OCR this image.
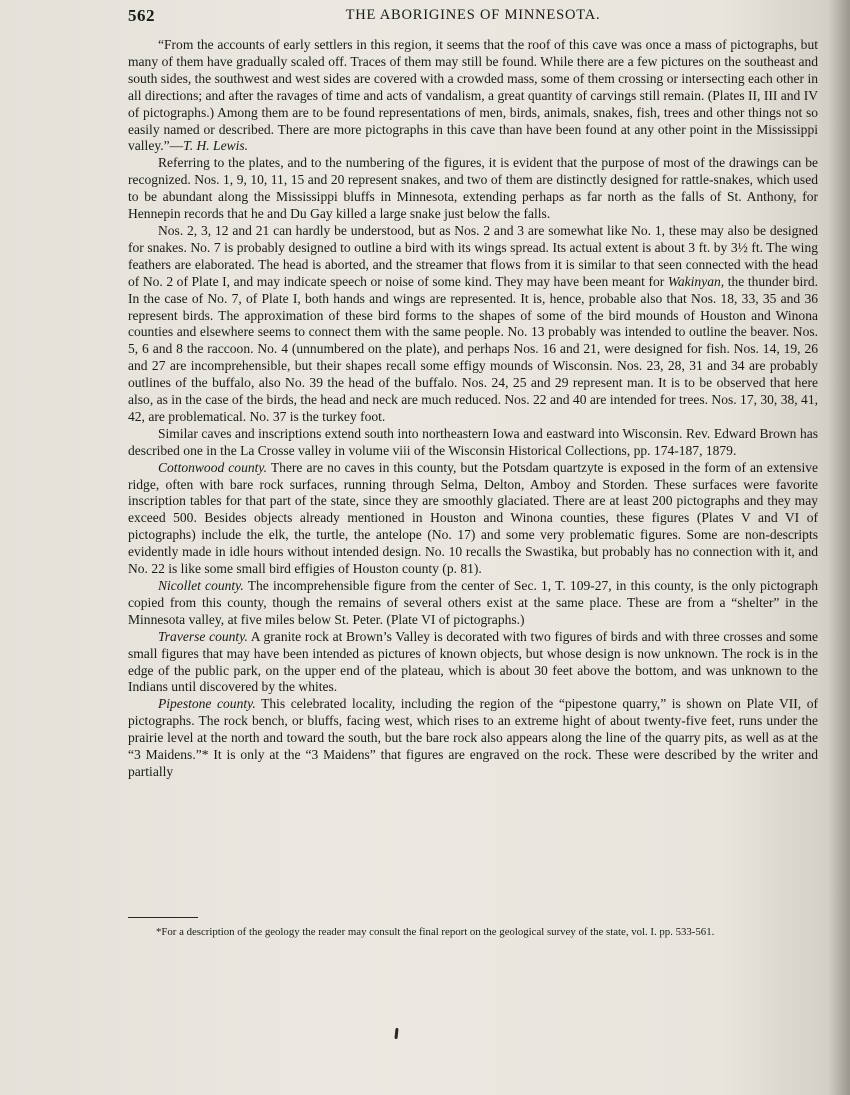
562	THE ABORIGINES OF MINNESOTA.

“From the accounts of early settlers in this region, it seems that the roof of this cave was once a mass of pictographs, but many of them have gradually scaled off. Traces of them may still be found. While there are a few pictures on the southeast and south sides, the southwest and west sides are covered with a crowded mass, some of them crossing or intersecting each other in all directions; and after the ravages of time and acts of vandalism, a great quantity of carvings still remain. (Plates II, III and IV of pictographs.) Among them are to be found representations of men, birds, animals, snakes, fish, trees and other things not so easily named or described. There are more pictographs in this cave than have been found at any other point in the Mississippi valley.”—T. H. Lewis.

Referring to the plates, and to the numbering of the figures, it is evident that the purpose of most of the drawings can be recognized. Nos. 1, 9, 10, 11, 15 and 20 represent snakes, and two of them are distinctly designed for rattle-snakes, which used to be abundant along the Mississippi bluffs in Minnesota, extending perhaps as far north as the falls of St. Anthony, for Hennepin records that he and Du Gay killed a large snake just below the falls.

Nos. 2, 3, 12 and 21 can hardly be understood, but as Nos. 2 and 3 are somewhat like No. 1, these may also be designed for snakes. No. 7 is probably designed to outline a bird with its wings spread. Its actual extent is about 3 ft. by 3½ ft. The wing feathers are elaborated. The head is aborted, and the streamer that flows from it is similar to that seen connected with the head of No. 2 of Plate I, and may indicate speech or noise of some kind. They may have been meant for Wakinyan, the thunder bird. In the case of No. 7, of Plate I, both hands and wings are represented. It is, hence, probable also that Nos. 18, 33, 35 and 36 represent birds. The approximation of these bird forms to the shapes of some of the bird mounds of Houston and Winona counties and elsewhere seems to connect them with the same people. No. 13 probably was intended to outline the beaver. Nos. 5, 6 and 8 the raccoon. No. 4 (unnumbered on the plate), and perhaps Nos. 16 and 21, were designed for fish. Nos. 14, 19, 26 and 27 are incomprehensible, but their shapes recall some effigy mounds of Wisconsin. Nos. 23, 28, 31 and 34 are probably outlines of the buffalo, also No. 39 the head of the buffalo. Nos. 24, 25 and 29 represent man. It is to be observed that here also, as in the case of the birds, the head and neck are much reduced. Nos. 22 and 40 are intended for trees. Nos. 17, 30, 38, 41, 42, are problematical. No. 37 is the turkey foot.

Similar caves and inscriptions extend south into northeastern Iowa and eastward into Wisconsin. Rev. Edward Brown has described one in the La Crosse valley in volume viii of the Wisconsin Historical Collections, pp. 174-187, 1879.

Cottonwood county. There are no caves in this county, but the Potsdam quartzyte is exposed in the form of an extensive ridge, often with bare rock surfaces, running through Selma, Delton, Amboy and Storden. These surfaces were favorite inscription tables for that part of the state, since they are smoothly glaciated. There are at least 200 pictographs and they may exceed 500. Besides objects already mentioned in Houston and Winona counties, these figures (Plates V and VI of pictographs) include the elk, the turtle, the antelope (No. 17) and some very problematic figures. Some are non-descripts evidently made in idle hours without intended design. No. 10 recalls the Swastika, but probably has no connection with it, and No. 22 is like some small bird effigies of Houston county (p. 81).

Nicollet county. The incomprehensible figure from the center of Sec. 1, T. 109-27, in this county, is the only pictograph copied from this county, though the remains of several others exist at the same place. These are from a “shelter” in the Minnesota valley, at five miles below St. Peter. (Plate VI of pictographs.)

Traverse county. A granite rock at Brown’s Valley is decorated with two figures of birds and with three crosses and some small figures that may have been intended as pictures of known objects, but whose design is now unknown. The rock is in the edge of the public park, on the upper end of the plateau, which is about 30 feet above the bottom, and was unknown to the Indians until discovered by the whites.

Pipestone county. This celebrated locality, including the region of the “pipestone quarry,” is shown on Plate VII, of pictographs. The rock bench, or bluffs, facing west, which rises to an extreme hight of about twenty-five feet, runs under the prairie level at the north and toward the south, but the bare rock also appears along the line of the quarry pits, as well as at the “3 Maidens.”* It is only at the “3 Maidens” that figures are engraved on the rock. These were described by the writer and partially

*For a description of the geology the reader may consult the final report on the geological survey of the state, vol. I. pp. 533-561.
